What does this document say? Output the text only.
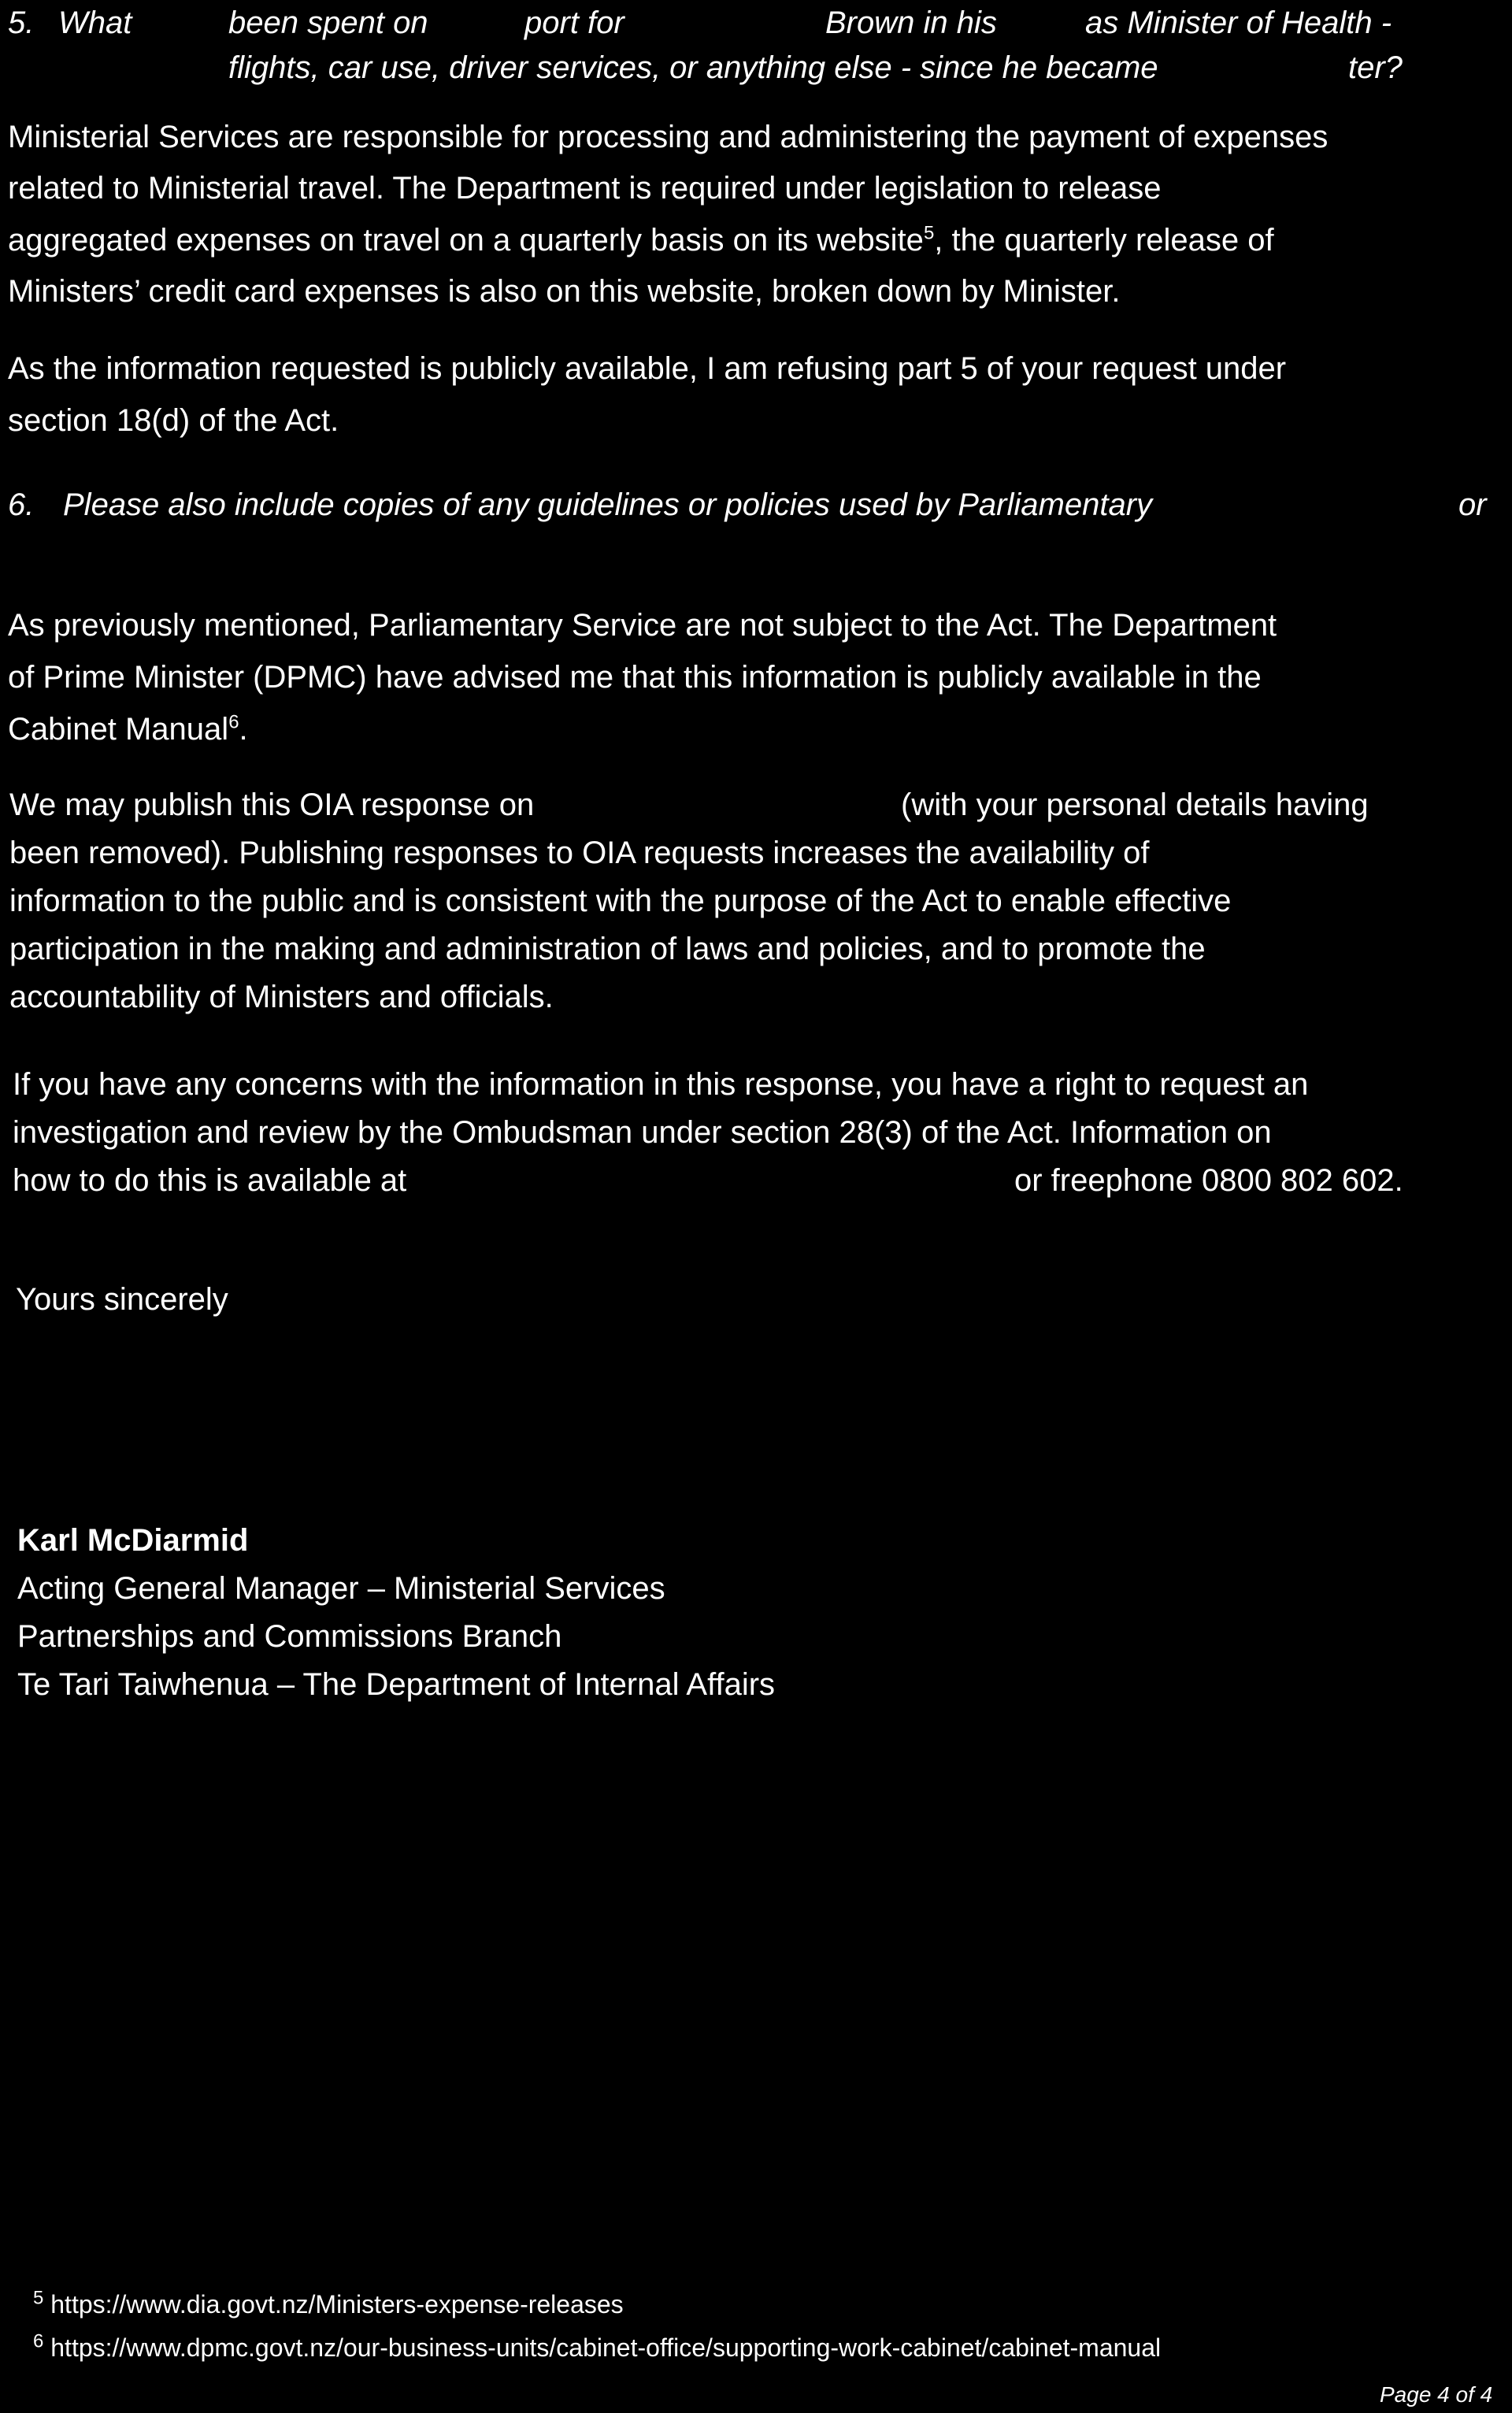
5. What	been spent on	port for	Brown in his	as Minister of Health -
flights, car use, driver services, or anything else - since he became	ter?
Ministerial Services are responsible for processing and administering the payment of expenses
related to Ministerial travel. The Department is required under legislation to release
aggregated expenses on travel on a quarterly basis on its website$^5$, the quarterly release of
Ministers’ credit card expenses is also on this website, broken down by Minister.
As the information requested is publicly available, I am refusing part 5 of your request under
section 18(d) of the Act.
6. Please also include copies of any guidelines or policies used by Parliamentary	or
As previously mentioned, Parliamentary Service are not subject to the Act. The Department
of Prime Minister (DPMC) have advised me that this information is publicly available in the
Cabinet Manual$^6$.
We may publish this OIA response on	(with your personal details having
been removed). Publishing responses to OIA requests increases the availability of
information to the public and is consistent with the purpose of the Act to enable effective
participation in the making and administration of laws and policies, and to promote the
accountability of Ministers and officials.
If you have any concerns with the information in this response, you have a right to request an
investigation and review by the Ombudsman under section 28(3) of the Act. Information on
how to do this is available at	or freephone 0800 802 602.
Yours sincerely
Karl McDiarmid
Acting General Manager – Ministerial Services
Partnerships and Commissions Branch
Te Tari Taiwhenua – The Department of Internal Affairs
$^5$ https://www.dia.govt.nz/Ministers-expense-releases
$^6$ https://www.dpmc.govt.nz/our-business-units/cabinet-office/supporting-work-cabinet/cabinet-manual
Page 4 of 4
